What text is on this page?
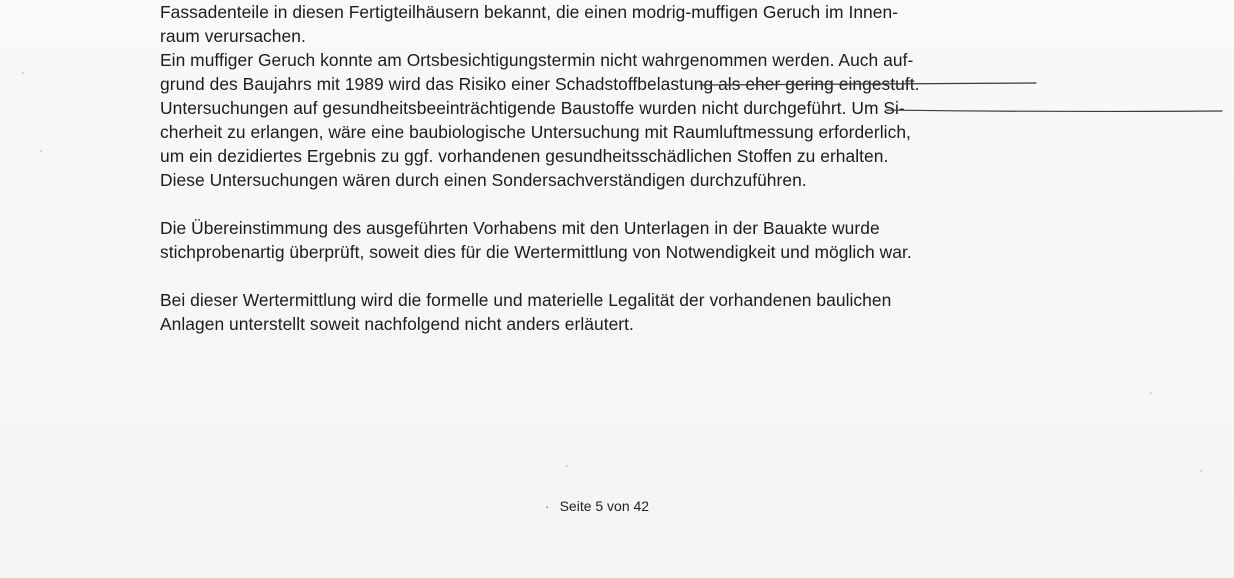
Fassadenteile in diesen Fertigteilhäusern bekannt, die einen modrig-muffigen Geruch im Innen-
raum verursachen.
Ein muffiger Geruch konnte am Ortsbesichtigungstermin nicht wahrgenommen werden. Auch auf-
grund des Baujahrs mit 1989 wird das Risiko einer Schadstoffbelastung als eher gering eingestuft.
Untersuchungen auf gesundheitsbeeinträchtigende Baustoffe wurden nicht durchgeführt. Um Si-
cherheit zu erlangen, wäre eine baubiologische Untersuchung mit Raumluftmessung erforderlich,
um ein dezidiertes Ergebnis zu ggf. vorhandenen gesundheitsschädlichen Stoffen zu erhalten.
Diese Untersuchungen wären durch einen Sondersachverständigen durchzuführen.
Die Übereinstimmung des ausgeführten Vorhabens mit den Unterlagen in der Bauakte wurde
stichprobenartig überprüft, soweit dies für die Wertermittlung von Notwendigkeit und möglich war.
Bei dieser Wertermittlung wird die formelle und materielle Legalität der vorhandenen baulichen
Anlagen unterstellt soweit nachfolgend nicht anders erläutert.
· Seite 5 von 42
